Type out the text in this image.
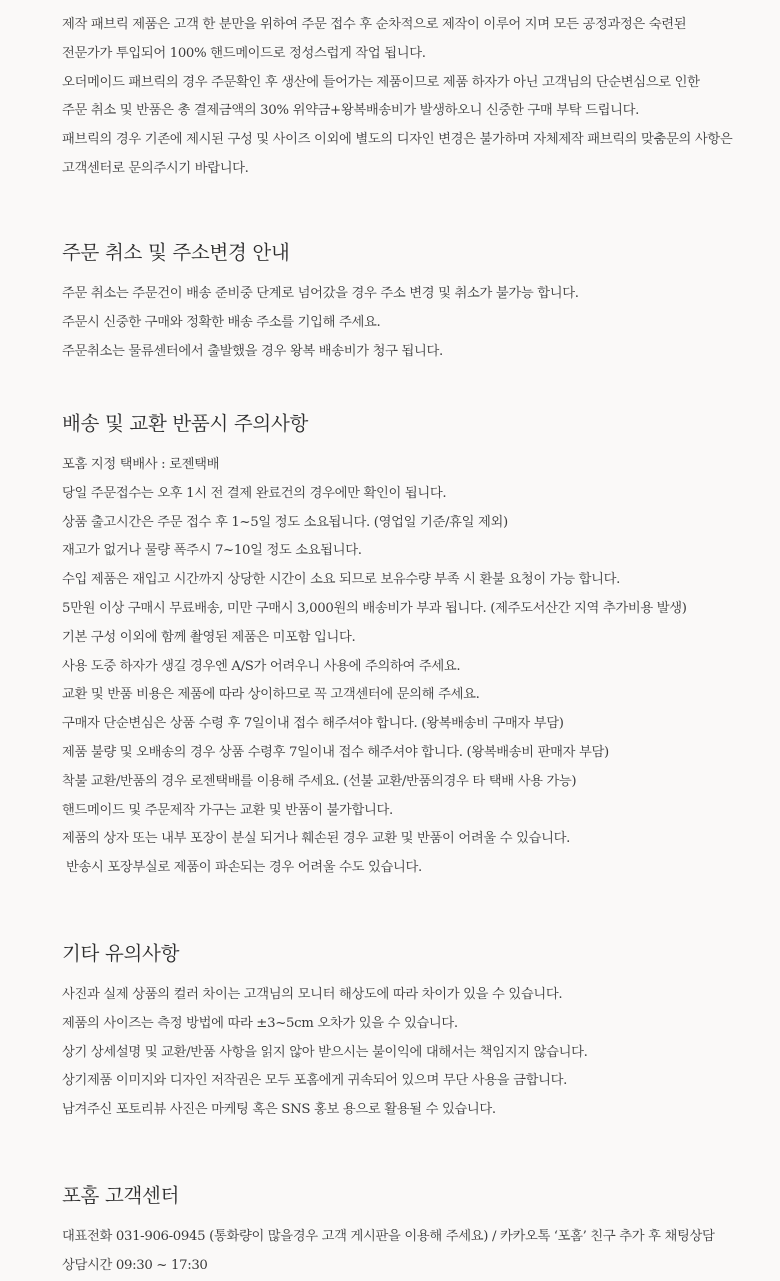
제작 패브릭 제품은 고객 한 분만을 위하여 주문 접수 후 순차적으로 제작이 이루어 지며 모든 공정과정은 숙련된

전문가가 투입되어 100% 핸드메이드로 정성스럽게 작업 됩니다.

오더메이드 패브릭의 경우 주문확인 후 생산에 들어가는 제품이므로 제품 하자가 아닌 고객님의 단순변심으로 인한

주문 취소 및 반품은 총 결제금액의 30% 위약금+왕복배송비가 발생하오니 신중한 구매 부탁 드립니다.

패브릭의 경우 기존에 제시된 구성 및 사이즈 이외에 별도의 디자인 변경은 불가하며 자체제작 패브릭의 맞춤문의 사항은

고객센터로 문의주시기 바랍니다.

주문 취소 및 주소변경 안내

주문 취소는 주문건이 배송 준비중 단계로 넘어갔을 경우 주소 변경 및 취소가 불가능 합니다.

주문시 신중한 구매와 정확한 배송 주소를 기입해 주세요.

주문취소는 물류센터에서 출발했을 경우 왕복 배송비가 청구 됩니다.

배송 및 교환 반품시 주의사항

포홈 지정 택배사 : 로젠택배

당일 주문접수는 오후 1시 전 결제 완료건의 경우에만 확인이 됩니다.

상품 출고시간은 주문 접수 후 1~5일 정도 소요됩니다. (영업일 기준/휴일 제외)

재고가 없거나 물량 폭주시 7~10일 정도 소요됩니다.

수입 제품은 재입고 시간까지 상당한 시간이 소요 되므로 보유수량 부족 시 환불 요청이 가능 합니다.

5만원 이상 구매시 무료배송, 미만 구매시 3,000원의 배송비가 부과 됩니다. (제주도서산간 지역 추가비용 발생)

기본 구성 이외에 함께 촬영된 제품은 미포함 입니다.

사용 도중 하자가 생길 경우엔 A/S가 어려우니 사용에 주의하여 주세요.

교환 및 반품 비용은 제품에 따라 상이하므로 꼭 고객센터에 문의해 주세요.

구매자 단순변심은 상품 수령 후 7일이내 접수 해주셔야 합니다. (왕복배송비 구매자 부담)

제품 불량 및 오배송의 경우 상품 수령후 7일이내 접수 해주셔야 합니다. (왕복배송비 판매자 부담)

착불 교환/반품의 경우 로젠택배를 이용해 주세요. (선불 교환/반품의경우 타 택배 사용 가능)

핸드메이드 및 주문제작 가구는 교환 및 반품이 불가합니다.

제품의 상자 또는 내부 포장이 분실 되거나 훼손된 경우 교환 및 반품이 어려울 수 있습니다.

반송시 포장부실로 제품이 파손되는 경우 어려울 수도 있습니다.

기타 유의사항

사진과 실제 상품의 컬러 차이는 고객님의 모니터 해상도에 따라 차이가 있을 수 있습니다.

제품의 사이즈는 측정 방법에 따라 ±3~5cm 오차가 있을 수 있습니다.

상기 상세설명 및 교환/반품 사항을 읽지 않아 받으시는 불이익에 대해서는 책임지지 않습니다.

상기제품 이미지와 디자인 저작권은 모두 포홈에게 귀속되어 있으며 무단 사용을 금합니다.

남겨주신 포토리뷰 사진은 마케팅 혹은 SNS 홍보 용으로 활용될 수 있습니다.

포홈 고객센터

대표전화 031-906-0945 (통화량이 많을경우 고객 게시판을 이용해 주세요) / 카카오톡 ‘포홈’ 친구 추가 후 채팅상담

상담시간 09:30 ~ 17:30
